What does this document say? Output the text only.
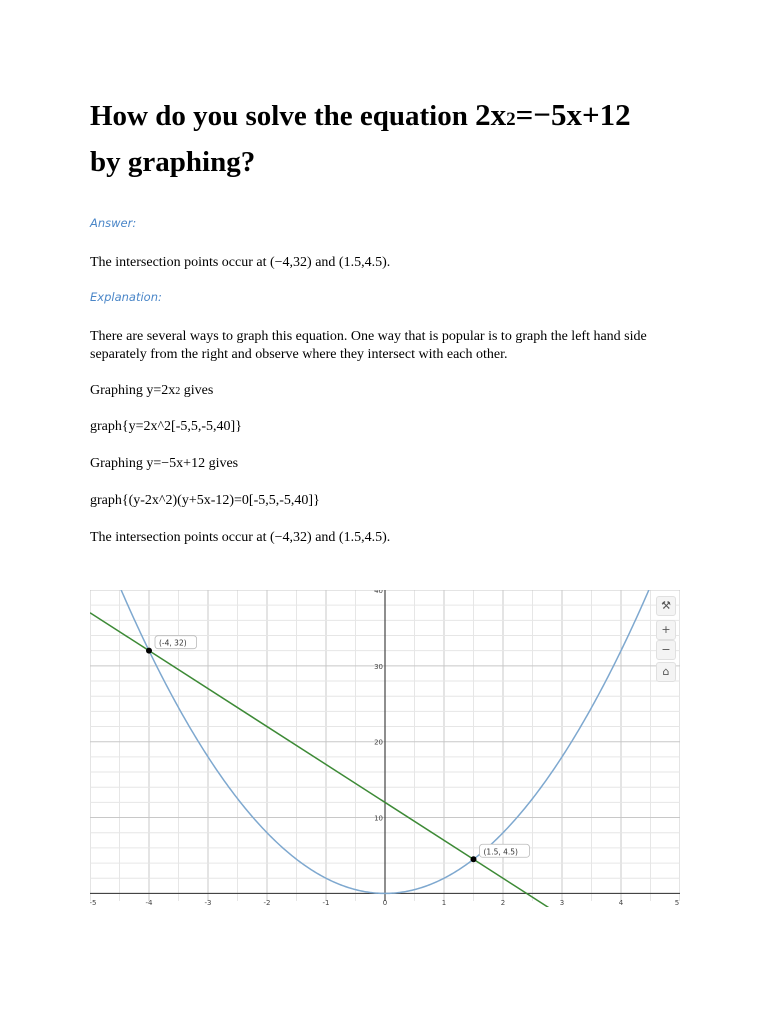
How do you solve the equation 2x2=−5x+12
by graphing?
Answer:

The intersection points occur at (−4,32) and (1.5,4.5).

Explanation:

There are several ways to graph this equation. One way that is popular is to graph the left hand side separately from the right and observe where they intersect with each other.

Graphing y=2x2 gives

graph{y=2x^2[-5,5,-5,40]}

Graphing y=−5x+12 gives

graph{(y-2x^2)(y+5x-12)=0[-5,5,-5,40]}

The intersection points occur at (−4,32) and (1.5,4.5).

-5	-4	-3	-2	-1	0	1	2	3	4	5
10
20
30
40
(-4, 32)
(1.5, 4.5)
⚒
+
−
⌂
